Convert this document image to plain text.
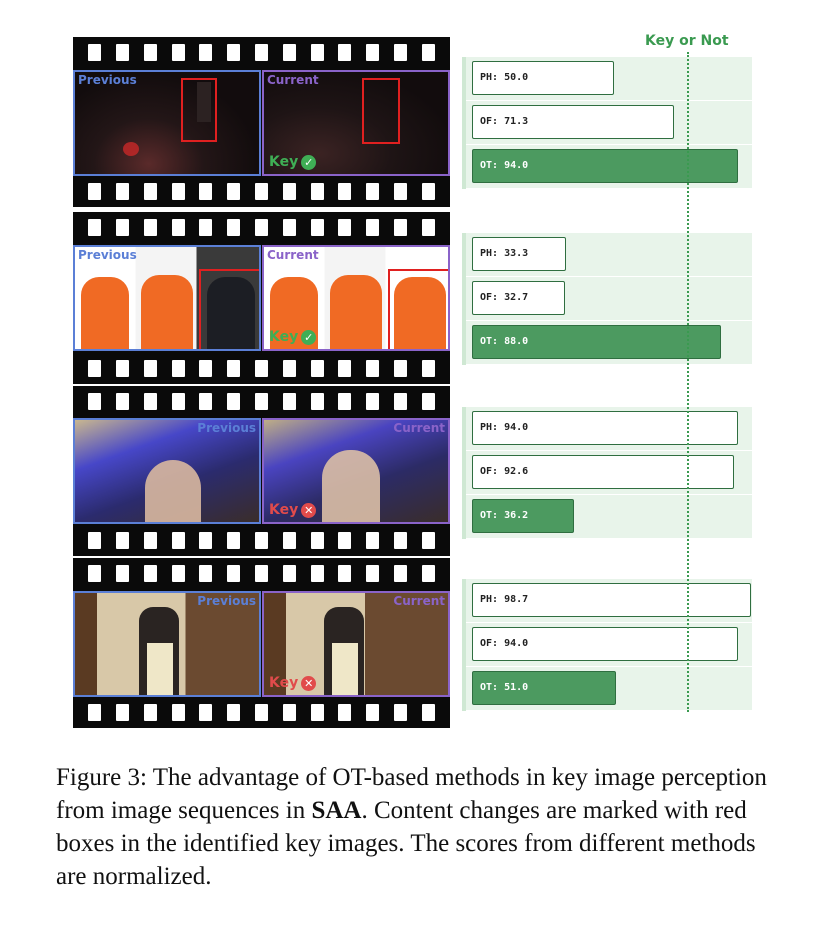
Previous	Current
Key ✓
Previous	Current
Key ✓
Previous	Current
Key ✕
Previous	Current
Key ✕
PH: 50.0
OF: 71.3
OT: 94.0
PH: 33.3
OF: 32.7
OT: 88.0
PH: 94.0
OF: 92.6
OT: 36.2
PH: 98.7
OF: 94.0
OT: 51.0
Key or Not
Figure 3: The advantage of OT-based methods in key image perception from image sequences in SAA. Content changes are marked with red boxes in the identified key images. The scores from different methods are normalized.
